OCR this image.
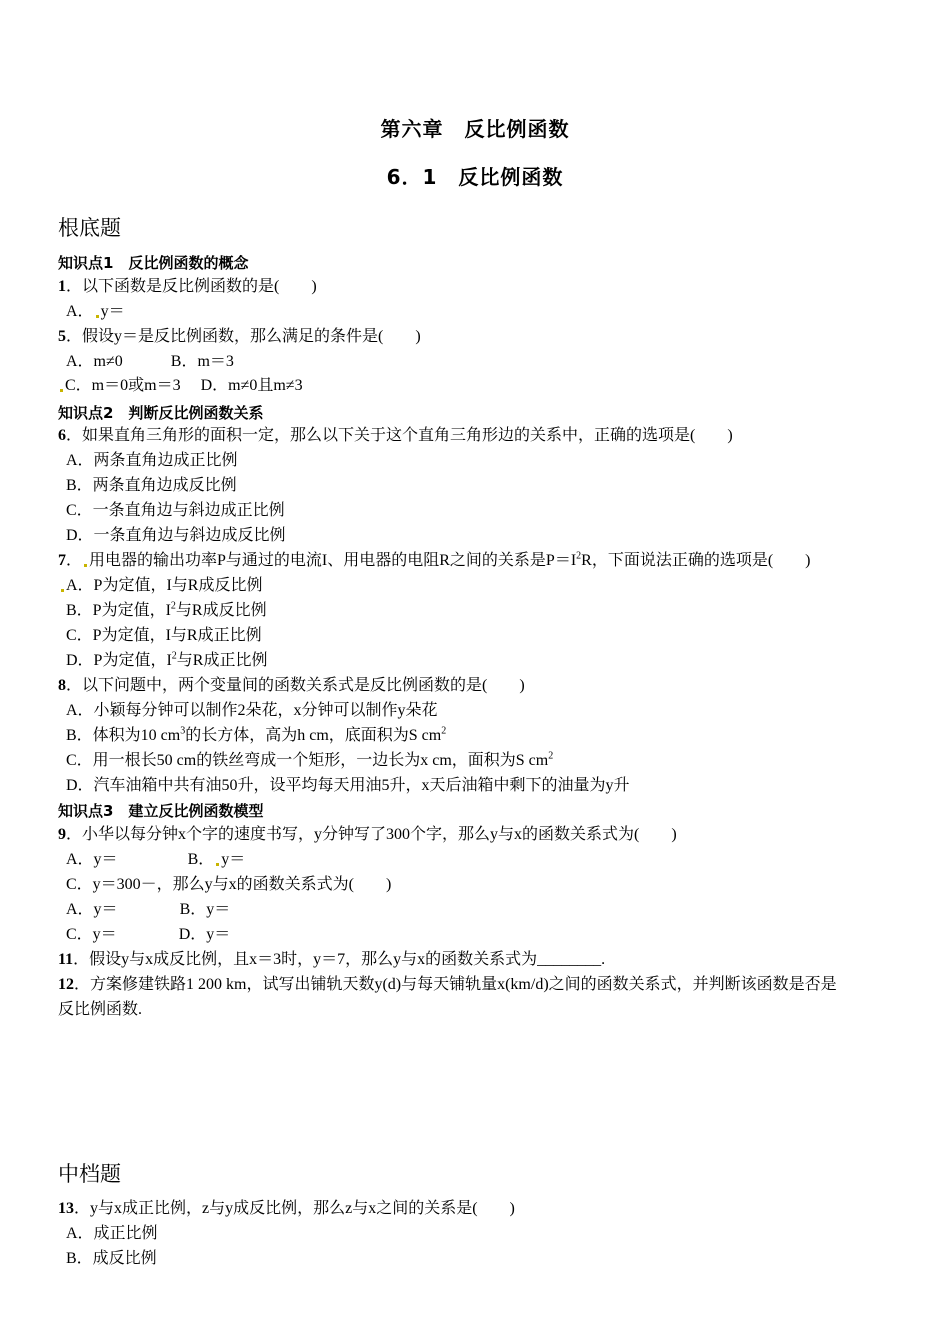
第六章　反比例函数
6．1　反比例函数
根底题
知识点1　反比例函数的概念
1．以下函数是反比例函数的是(　　)
A． y＝
5．假设y＝是反比例函数，那么满足的条件是(　　)
A．m≠0　　　B．m＝3
C．m＝0或m＝3　 D．m≠0且m≠3
知识点2　判断反比例函数关系
6．如果直角三角形的面积一定，那么以下关于这个直角三角形边的关系中，正确的选项是(　　)
A．两条直角边成正比例
B．两条直角边成反比例
C．一条直角边与斜边成正比例
D．一条直角边与斜边成反比例
7． 用电器的输出功率P与通过的电流I、用电器的电阻R之间的关系是$P=I^2R$，下面说法正确的选项是(　　)
A．P为定值，I与R成反比例
B．P为定值，$I^2$与R成反比例
C．P为定值，I与R成正比例
D．P为定值，$I^2$与R成正比例
8．以下问题中，两个变量间的函数关系式是反比例函数的是(　　)
A．小颖每分钟可以制作2朵花，x分钟可以制作y朵花
B．体积为10 $cm^3$的长方体，高为h cm，底面积为S $cm^2$
C．用一根长50 cm的铁丝弯成一个矩形，一边长为x cm，面积为S $cm^2$
D．汽车油箱中共有油50升，设平均每天用油5升，x天后油箱中剩下的油量为y升
知识点3　建立反比例函数模型
9．小华以每分钟x个字的速度书写，y分钟写了300个字，那么y与x的函数关系式为(　　)
A．y＝	B． y＝
C．y＝300－，那么y与x的函数关系式为(　　)
A．y＝	B．y＝
C．y＝	D．y＝
11．假设y与x成反比例，且x＝3时，y＝7，那么y与x的函数关系式为________.
12．方案修建铁路1 200 km，试写出铺轨天数y(d)与每天铺轨量x(km/d)之间的函数关系式，并判断该函数是否是
反比例函数.
中档题
13．y与x成正比例，z与y成反比例，那么z与x之间的关系是(　　)
A．成正比例
B．成反比例
